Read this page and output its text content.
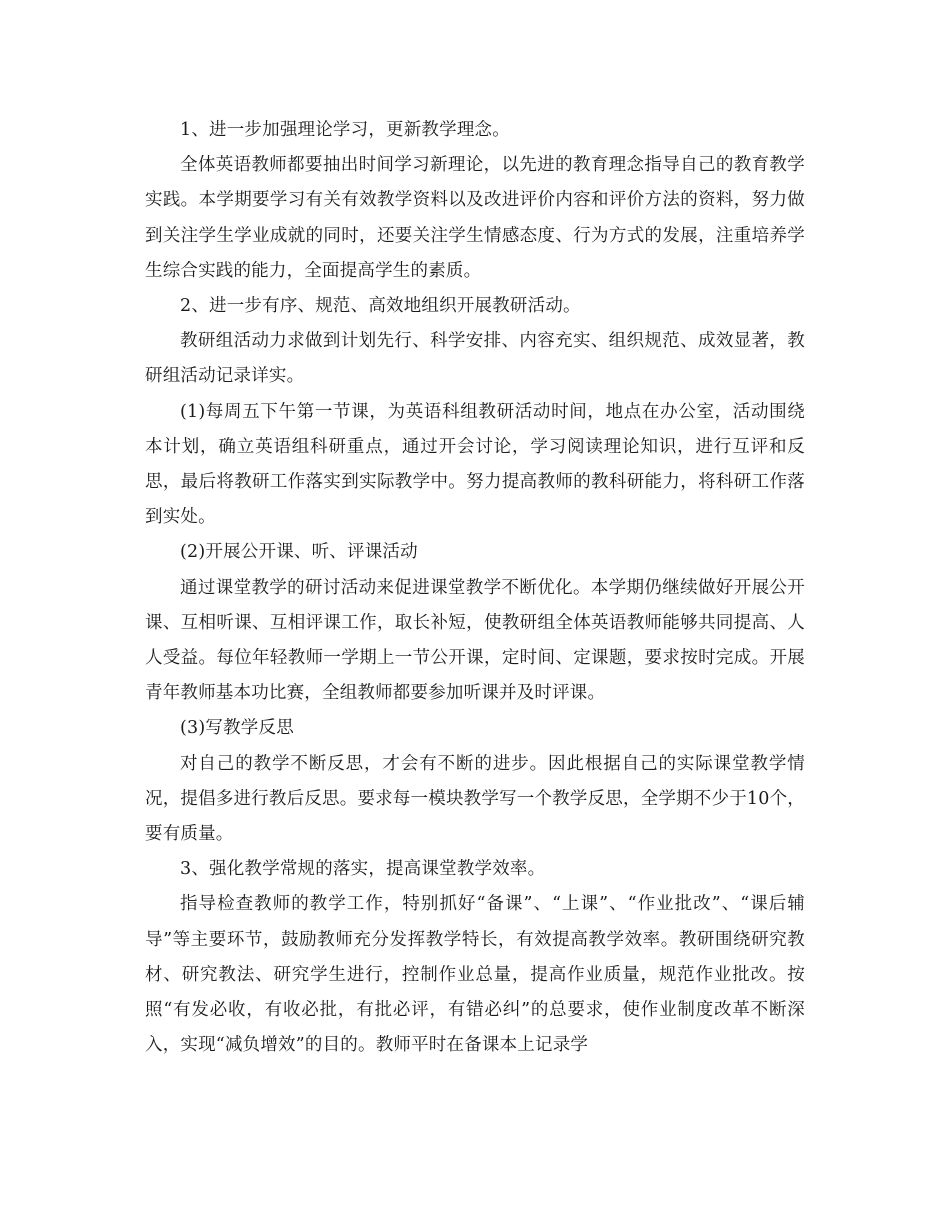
1、进一步加强理论学习，更新教学理念。

全体英语教师都要抽出时间学习新理论，以先进的教育理念指导自己的教育教学实践。本学期要学习有关有效教学资料以及改进评价内容和评价方法的资料，努力做到关注学生学业成就的同时，还要关注学生情感态度、行为方式的发展，注重培养学生综合实践的能力，全面提高学生的素质。

2、进一步有序、规范、高效地组织开展教研活动。

教研组活动力求做到计划先行、科学安排、内容充实、组织规范、成效显著，教研组活动记录详实。

(1)每周五下午第一节课，为英语科组教研活动时间，地点在办公室，活动围绕本计划，确立英语组科研重点，通过开会讨论，学习阅读理论知识，进行互评和反思，最后将教研工作落实到实际教学中。努力提高教师的教科研能力，将科研工作落到实处。

(2)开展公开课、听、评课活动

通过课堂教学的研讨活动来促进课堂教学不断优化。本学期仍继续做好开展公开课、互相听课、互相评课工作，取长补短，使教研组全体英语教师能够共同提高、人人受益。每位年轻教师一学期上一节公开课，定时间、定课题，要求按时完成。开展青年教师基本功比赛，全组教师都要参加听课并及时评课。

(3)写教学反思

对自己的教学不断反思，才会有不断的进步。因此根据自己的实际课堂教学情况，提倡多进行教后反思。要求每一模块教学写一个教学反思，全学期不少于10个，要有质量。

3、强化教学常规的落实，提高课堂教学效率。

指导检查教师的教学工作，特别抓好“备课”、“上课”、“作业批改”、“课后辅导”等主要环节，鼓励教师充分发挥教学特长，有效提高教学效率。教研围绕研究教材、研究教法、研究学生进行，控制作业总量，提高作业质量，规范作业批改。按照“有发必收，有收必批，有批必评，有错必纠”的总要求，使作业制度改革不断深入，实现“减负增效”的目的。教师平时在备课本上记录学
